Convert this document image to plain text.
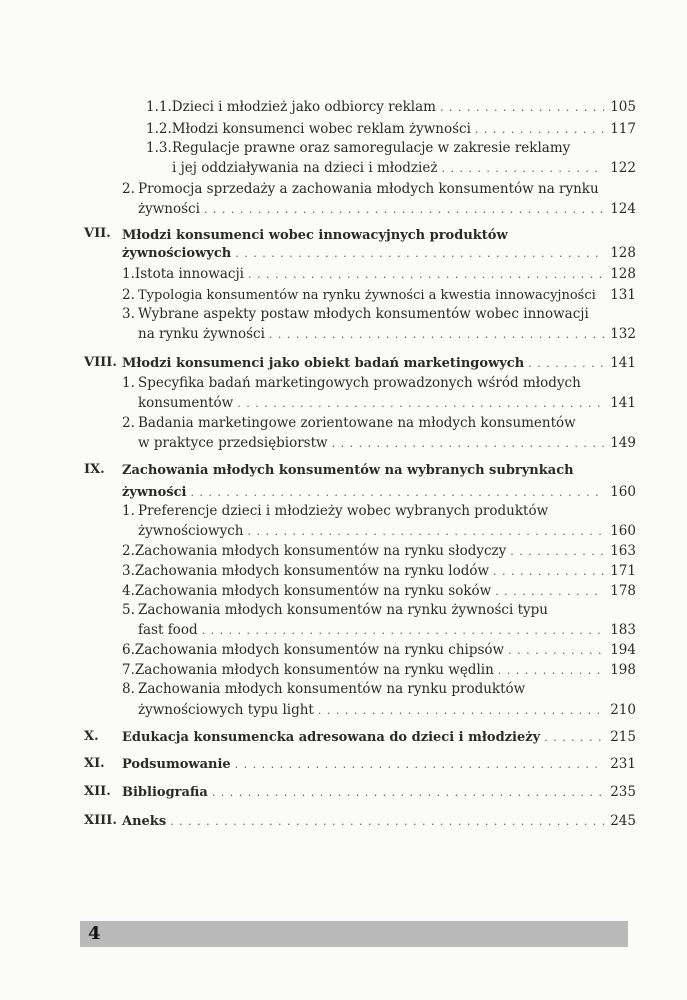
1.1. Dzieci i młodzież jako odbiorcy reklam . . .	105
1.2. Młodzi konsumenci wobec reklam żywności . . .	117
1.3.Regulacje prawne oraz samoregulacje w zakresie reklamy
i jej oddziaływania na dzieci i młodzież . . .	122
2. Promocja sprzedaży a zachowania młodych konsumentów na rynku
żywności . . .	124
VII. Młodzi konsumenci wobec innowacyjnych produktów
żywnościowych . . .	128
1. Istota innowacji . . .	128
2. Typologia konsumentów na rynku żywności a kwestia innowacyjności 131
3. Wybrane aspekty postaw młodych konsumentów wobec innowacji
na rynku żywności . . .	132
VIII. Młodzi konsumenci jako obiekt badań marketingowych . . .	141
1. Specyfika badań marketingowych prowadzonych wśród młodych
konsumentów . . .	141
2. Badania marketingowe zorientowane na młodych konsumentów
w praktyce przedsiębiorstw . . .	149
IX. Zachowania młodych konsumentów na wybranych subrynkach
żywności . . .	160
1. Preferencje dzieci i młodzieży wobec wybranych produktów
żywnościowych . . .	160
2. Zachowania młodych konsumentów na rynku słodyczy . . .	163
3. Zachowania młodych konsumentów na rynku lodów . . .	171
4. Zachowania młodych konsumentów na rynku soków . . .	178
5. Zachowania młodych konsumentów na rynku żywności typu
fast food . . .	183
6. Zachowania młodych konsumentów na rynku chipsów . . .	194
7. Zachowania młodych konsumentów na rynku wędlin . . .	198
8. Zachowania młodych konsumentów na rynku produktów
żywnościowych typu light . . .	210
X. Edukacja konsumencka adresowana do dzieci i młodzieży . . .	215
XI. Podsumowanie . . .	231
XII. Bibliografia . . .	235
XIII. Aneks . . .	245
4
